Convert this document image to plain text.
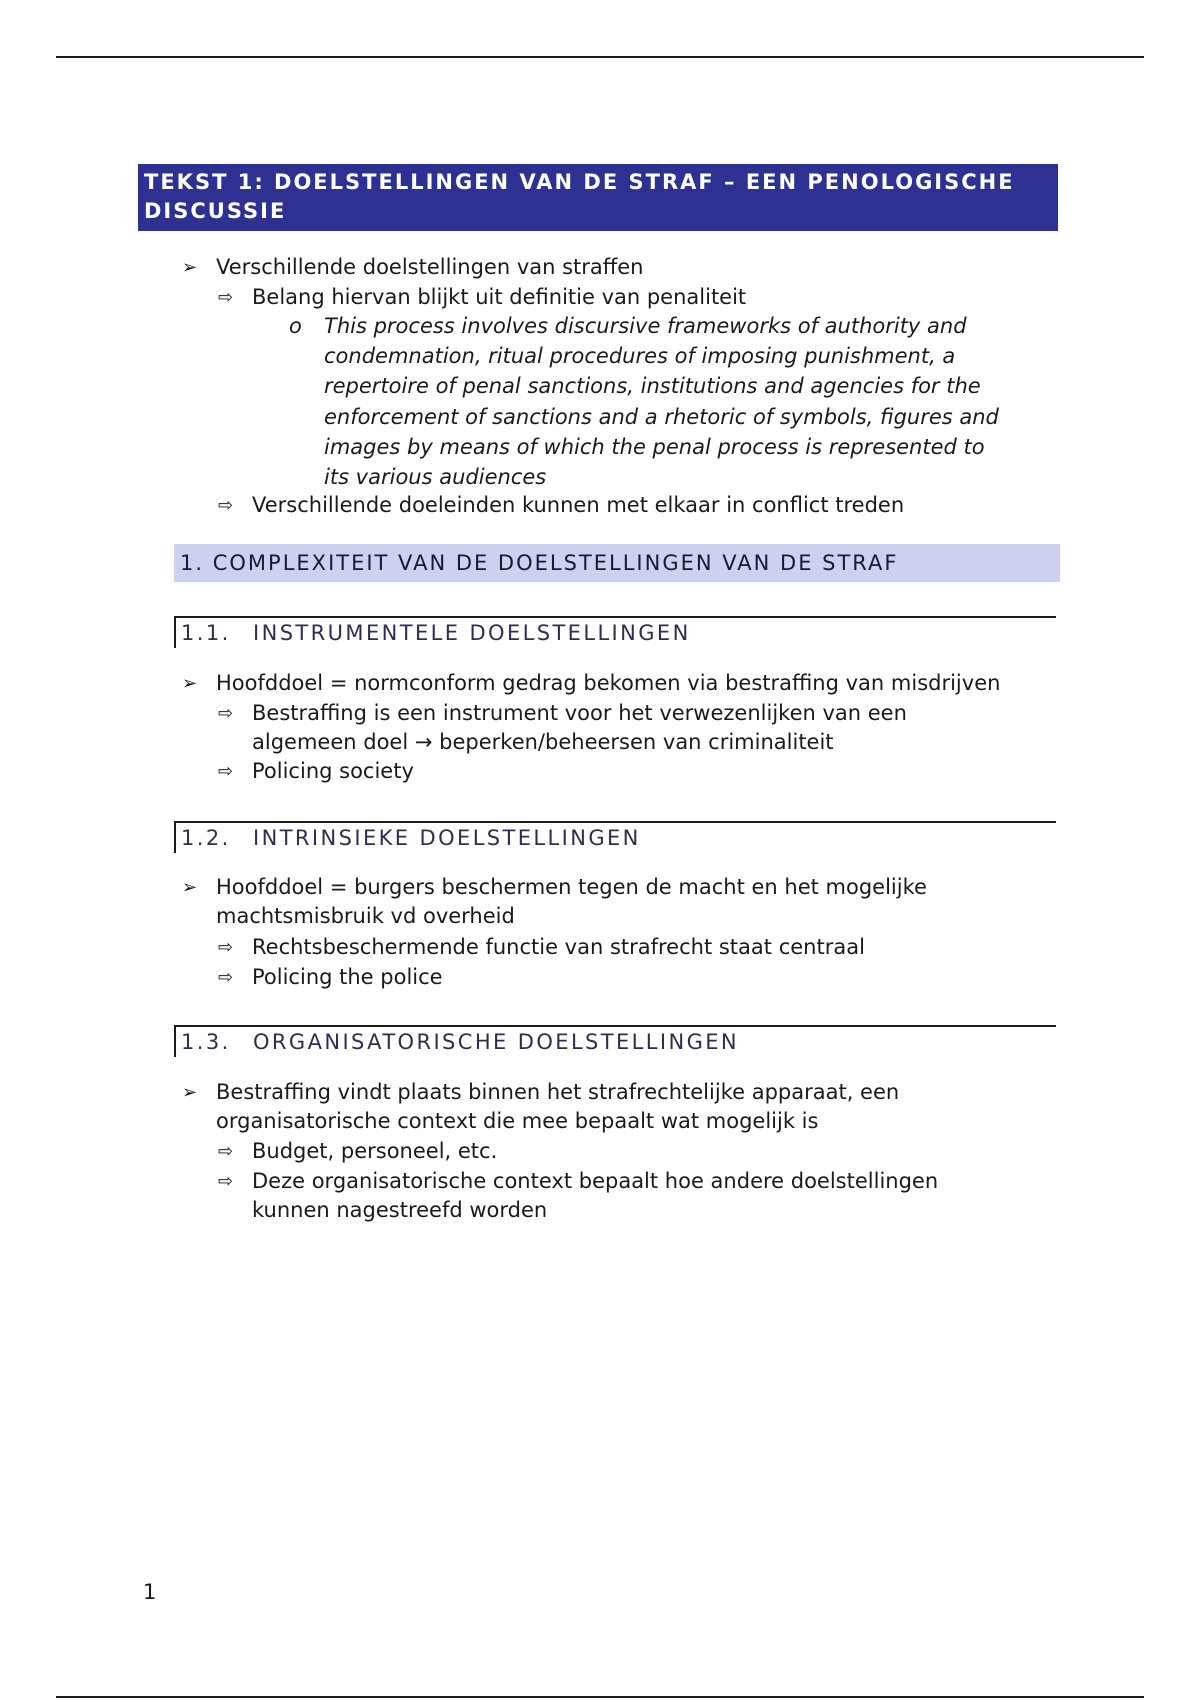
TEKST 1: DOELSTELLINGEN VAN DE STRAF – EEN PENOLOGISCHE DISCUSSIE
➢ Verschillende doelstellingen van straffen
⇨ Belang hiervan blijkt uit definitie van penaliteit
o This process involves discursive frameworks of authority and
condemnation, ritual procedures of imposing punishment, a
repertoire of penal sanctions, institutions and agencies for the
enforcement of sanctions and a rhetoric of symbols, figures and
images by means of which the penal process is represented to
its various audiences
⇨ Verschillende doeleinden kunnen met elkaar in conflict treden
1. COMPLEXITEIT VAN DE DOELSTELLINGEN VAN DE STRAF
1.1. INSTRUMENTELE DOELSTELLINGEN
➢ Hoofddoel = normconform gedrag bekomen via bestraffing van misdrijven
⇨ Bestraffing is een instrument voor het verwezenlijken van een
algemeen doel → beperken/beheersen van criminaliteit
⇨ Policing society
1.2. INTRINSIEKE DOELSTELLINGEN
➢ Hoofddoel = burgers beschermen tegen de macht en het mogelijke
machtsmisbruik vd overheid
⇨ Rechtsbeschermende functie van strafrecht staat centraal
⇨ Policing the police
1.3. ORGANISATORISCHE DOELSTELLINGEN
➢ Bestraffing vindt plaats binnen het strafrechtelijke apparaat, een
organisatorische context die mee bepaalt wat mogelijk is
⇨ Budget, personeel, etc.
⇨ Deze organisatorische context bepaalt hoe andere doelstellingen
kunnen nagestreefd worden
1
